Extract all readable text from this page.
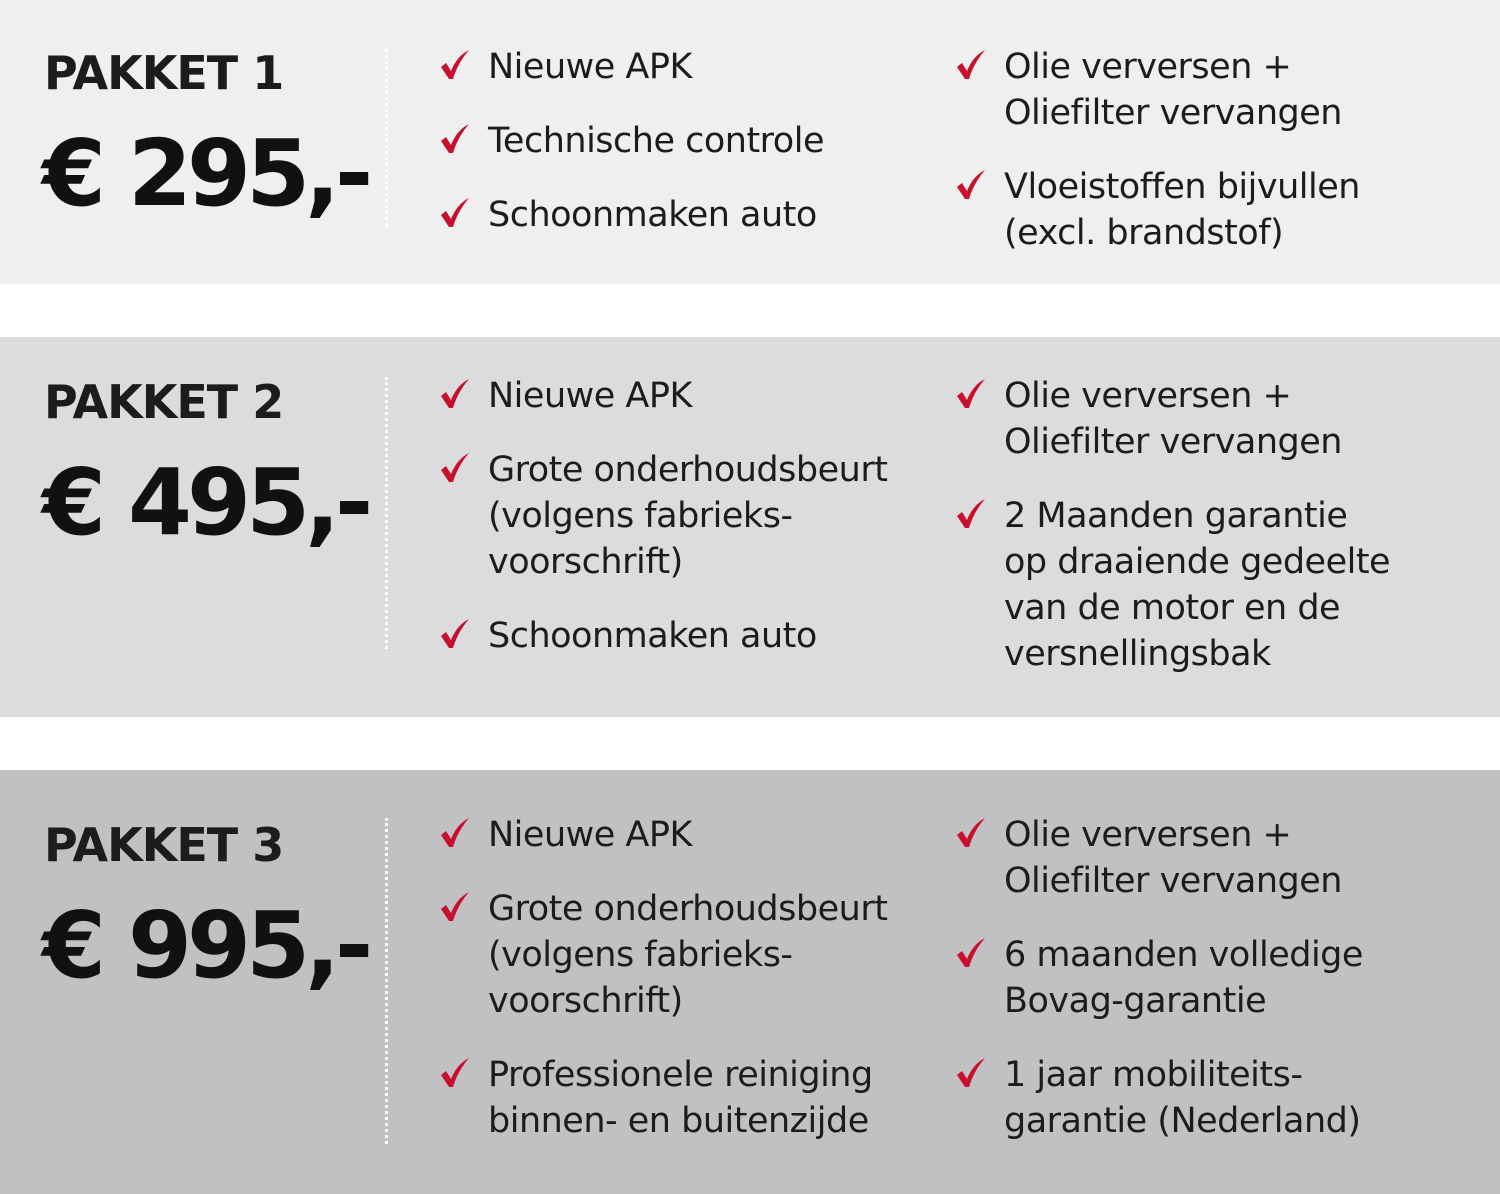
PAKKET 1
€ 295,-
Nieuwe APK
Technische controle
Schoonmaken auto
Olie verversen +
Oliefilter vervangen
Vloeistoffen bijvullen
(excl. brandstof)
PAKKET 2
€ 495,-
Nieuwe APK
Grote onderhoudsbeurt
(volgens fabrieks-
voorschrift)
Schoonmaken auto
Olie verversen +
Oliefilter vervangen
2 Maanden garantie
op draaiende gedeelte
van de motor en de
versnellingsbak
PAKKET 3
€ 995,-
Nieuwe APK
Grote onderhoudsbeurt
(volgens fabrieks-
voorschrift)
Professionele reiniging
binnen- en buitenzijde
Olie verversen +
Oliefilter vervangen
6 maanden volledige
Bovag-garantie
1 jaar mobiliteits-
garantie (Nederland)
